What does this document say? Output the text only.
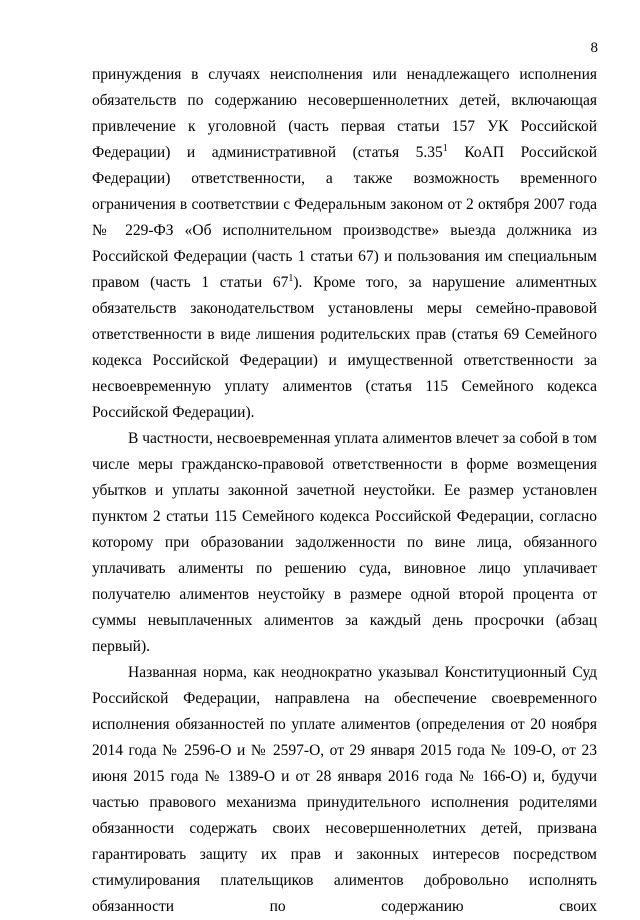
8

принуждения в случаях неисполнения или ненадлежащего исполнения обязательств по содержанию несовершеннолетних детей, включающая привлечение к уголовной (часть первая статьи 157 УК Российской Федерации) и административной (статья 5.35$^1$ КоАП Российской Федерации) ответственности, а также возможность временного ограничения в соответствии с Федеральным законом от 2 октября 2007 года № 229-ФЗ «Об исполнительном производстве» выезда должника из Российской Федерации (часть 1 статьи 67) и пользования им специальным правом (часть 1 статьи $67^1$). Кроме того, за нарушение алиментных обязательств законодательством установлены меры семейно-правовой ответственности в виде лишения родительских прав (статья 69 Семейного кодекса Российской Федерации) и имущественной ответственности за несвоевременную уплату алиментов (статья 115 Семейного кодекса Российской Федерации).

В частности, несвоевременная уплата алиментов влечет за собой в том числе меры гражданско-правовой ответственности в форме возмещения убытков и уплаты законной зачетной неустойки. Ее размер установлен пунктом 2 статьи 115 Семейного кодекса Российской Федерации, согласно которому при образовании задолженности по вине лица, обязанного уплачивать алименты по решению суда, виновное лицо уплачивает получателю алиментов неустойку в размере одной второй процента от суммы невыплаченных алиментов за каждый день просрочки (абзац первый).

Названная норма, как неоднократно указывал Конституционный Суд Российской Федерации, направлена на обеспечение своевременного исполнения обязанностей по уплате алиментов (определения от 20 ноября 2014 года № 2596-О и № 2597-О, от 29 января 2015 года № 109-О, от 23 июня 2015 года № 1389-О и от 28 января 2016 года № 166-О) и, будучи частью правового механизма принудительного исполнения родителями обязанности содержать своих несовершеннолетних детей, призвана гарантировать защиту их прав и законных интересов посредством стимулирования плательщиков алиментов добровольно исполнять обязанности по содержанию своих
